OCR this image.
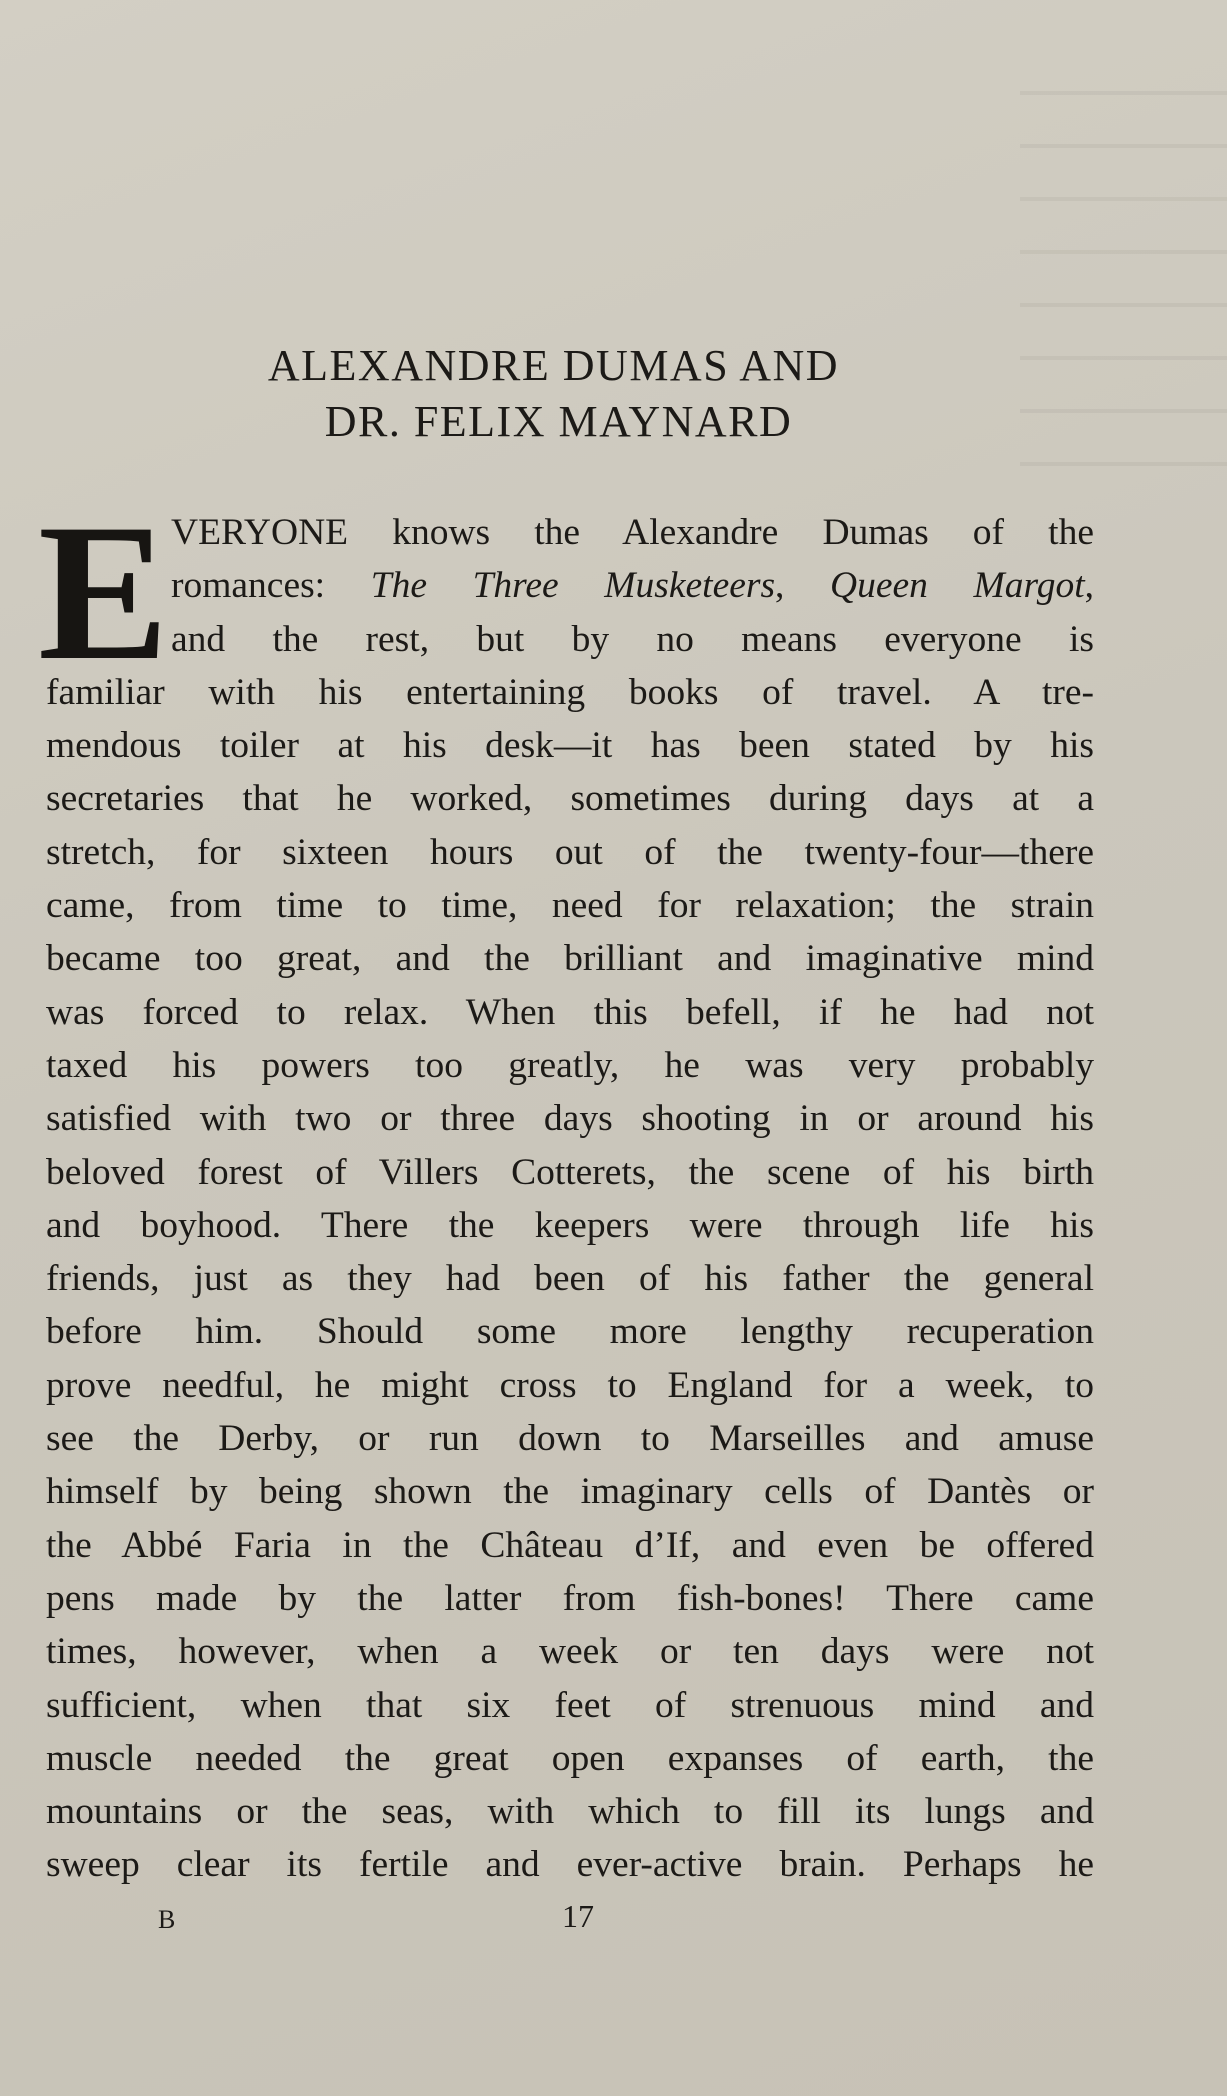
ALEXANDRE DUMAS AND
DR. FELIX MAYNARD
E VERYONE knows the Alexandre Dumas of the
romances: The Three Musketeers, Queen Margot,
and the rest, but by no means everyone is
familiar with his entertaining books of travel. A tre-
mendous toiler at his desk—it has been stated by his
secretaries that he worked, sometimes during days at a
stretch, for sixteen hours out of the twenty-four—there
came, from time to time, need for relaxation; the strain
became too great, and the brilliant and imaginative mind
was forced to relax. When this befell, if he had not
taxed his powers too greatly, he was very probably
satisfied with two or three days shooting in or around his
beloved forest of Villers Cotterets, the scene of his birth
and boyhood. There the keepers were through life his
friends, just as they had been of his father the general
before him. Should some more lengthy recuperation
prove needful, he might cross to England for a week, to
see the Derby, or run down to Marseilles and amuse
himself by being shown the imaginary cells of Dantès or
the Abbé Faria in the Château d’If, and even be offered
pens made by the latter from fish-bones! There came
times, however, when a week or ten days were not
sufficient, when that six feet of strenuous mind and
muscle needed the great open expanses of earth, the
mountains or the seas, with which to fill its lungs and
sweep clear its fertile and ever-active brain. Perhaps he
B	17
